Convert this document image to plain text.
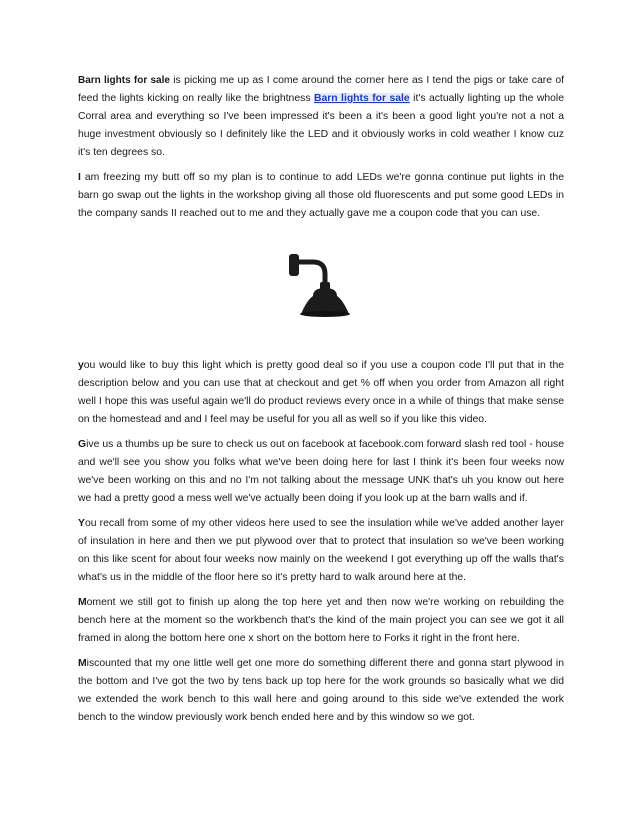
Barn lights for sale is picking me up as I come around the corner here as I tend the pigs or take care of feed the lights kicking on really like the brightness Barn lights for sale it's actually lighting up the whole Corral area and everything so I've been impressed it's been a it's been a good light you're not a not a huge investment obviously so I definitely like the LED and it obviously works in cold weather I know cuz it's ten degrees so.

I am freezing my butt off so my plan is to continue to add LEDs we're gonna continue put lights in the barn go swap out the lights in the workshop giving all those old fluorescents and put some good LEDs in the company sands II reached out to me and they actually gave me a coupon code that you can use.

you would like to buy this light which is pretty good deal so if you use a coupon code I'll put that in the description below and you can use that at checkout and get % off when you order from Amazon all right well I hope this was useful again we'll do product reviews every once in a while of things that make sense on the homestead and and I feel may be useful for you all as well so if you like this video.

Give us a thumbs up be sure to check us out on facebook at facebook.com forward slash red tool - house and we'll see you show you folks what we've been doing here for last I think it's been four weeks now we've been working on this and no I'm not talking about the message UNK that's uh you know out here we had a pretty good a mess well we've actually been doing if you look up at the barn walls and if.

You recall from some of my other videos here used to see the insulation while we've added another layer of insulation in here and then we put plywood over that to protect that insulation so we've been working on this like scent for about four weeks now mainly on the weekend I got everything up off the walls that's what's us in the middle of the floor here so it's pretty hard to walk around here at the.

Moment we still got to finish up along the top here yet and then now we're working on rebuilding the bench here at the moment so the workbench that's the kind of the main project you can see we got it all framed in along the bottom here one x short on the bottom here to Forks it right in the front here.

Miscounted that my one little well get one more do something different there and gonna start plywood in the bottom and I've got the two by tens back up top here for the work grounds so basically what we did we extended the work bench to this wall here and going around to this side we've extended the work bench to the window previously work bench ended here and by this window so we got.
